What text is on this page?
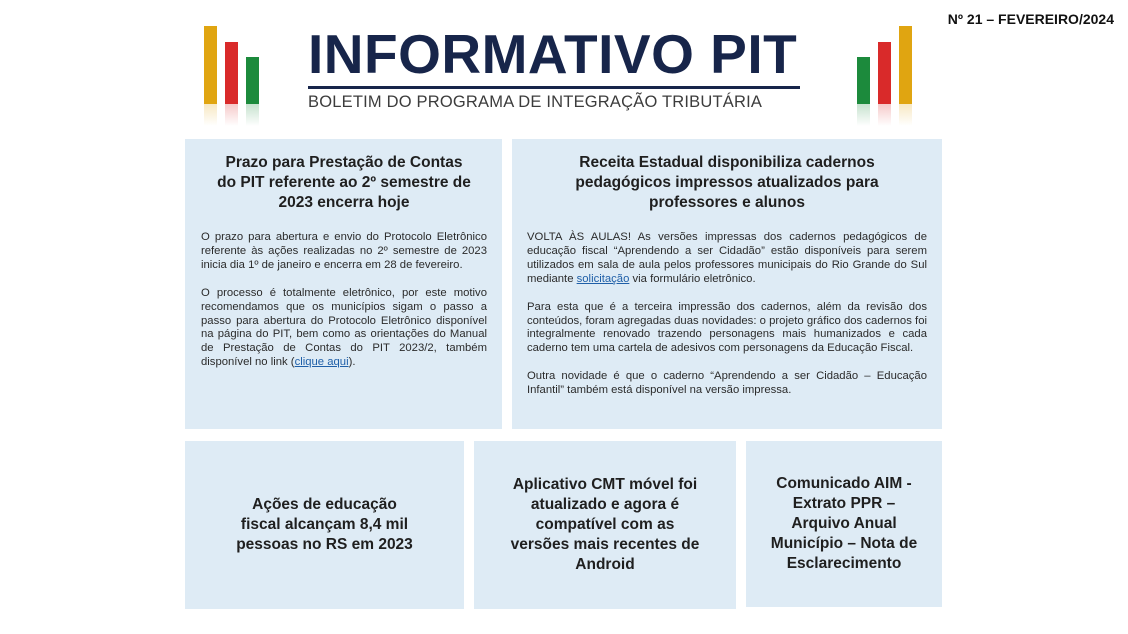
Nº 21 – FEVEREIRO/2024
INFORMATIVO PIT
BOLETIM DO PROGRAMA DE INTEGRAÇÃO TRIBUTÁRIA
Prazo para Prestação de Contas do PIT referente ao 2º semestre de 2023 encerra hoje

O prazo para abertura e envio do Protocolo Eletrônico referente às ações realizadas no 2º semestre de 2023 inicia dia 1º de janeiro e encerra em 28 de fevereiro.

O processo é totalmente eletrônico, por este motivo recomendamos que os municípios sigam o passo a passo para abertura do Protocolo Eletrônico disponível na página do PIT, bem como as orientações do Manual de Prestação de Contas do PIT 2023/2, também disponível no link (clique aqui).

Receita Estadual disponibiliza cadernos pedagógicos impressos atualizados para professores e alunos

VOLTA ÀS AULAS! As versões impressas dos cadernos pedagógicos de educação fiscal “Aprendendo a ser Cidadão” estão disponíveis para serem utilizados em sala de aula pelos professores municipais do Rio Grande do Sul mediante solicitação via formulário eletrônico.

Para esta que é a terceira impressão dos cadernos, além da revisão dos conteúdos, foram agregadas duas novidades: o projeto gráfico dos cadernos foi integralmente renovado trazendo personagens mais humanizados e cada caderno tem uma cartela de adesivos com personagens da Educação Fiscal.

Outra novidade é que o caderno “Aprendendo a ser Cidadão – Educação Infantil” também está disponível na versão impressa.

Ações de educação fiscal alcançam 8,4 mil pessoas no RS em 2023
Aplicativo CMT móvel foi atualizado e agora é compatível com as versões mais recentes de Android
Comunicado AIM - Extrato PPR – Arquivo Anual Município – Nota de Esclarecimento
